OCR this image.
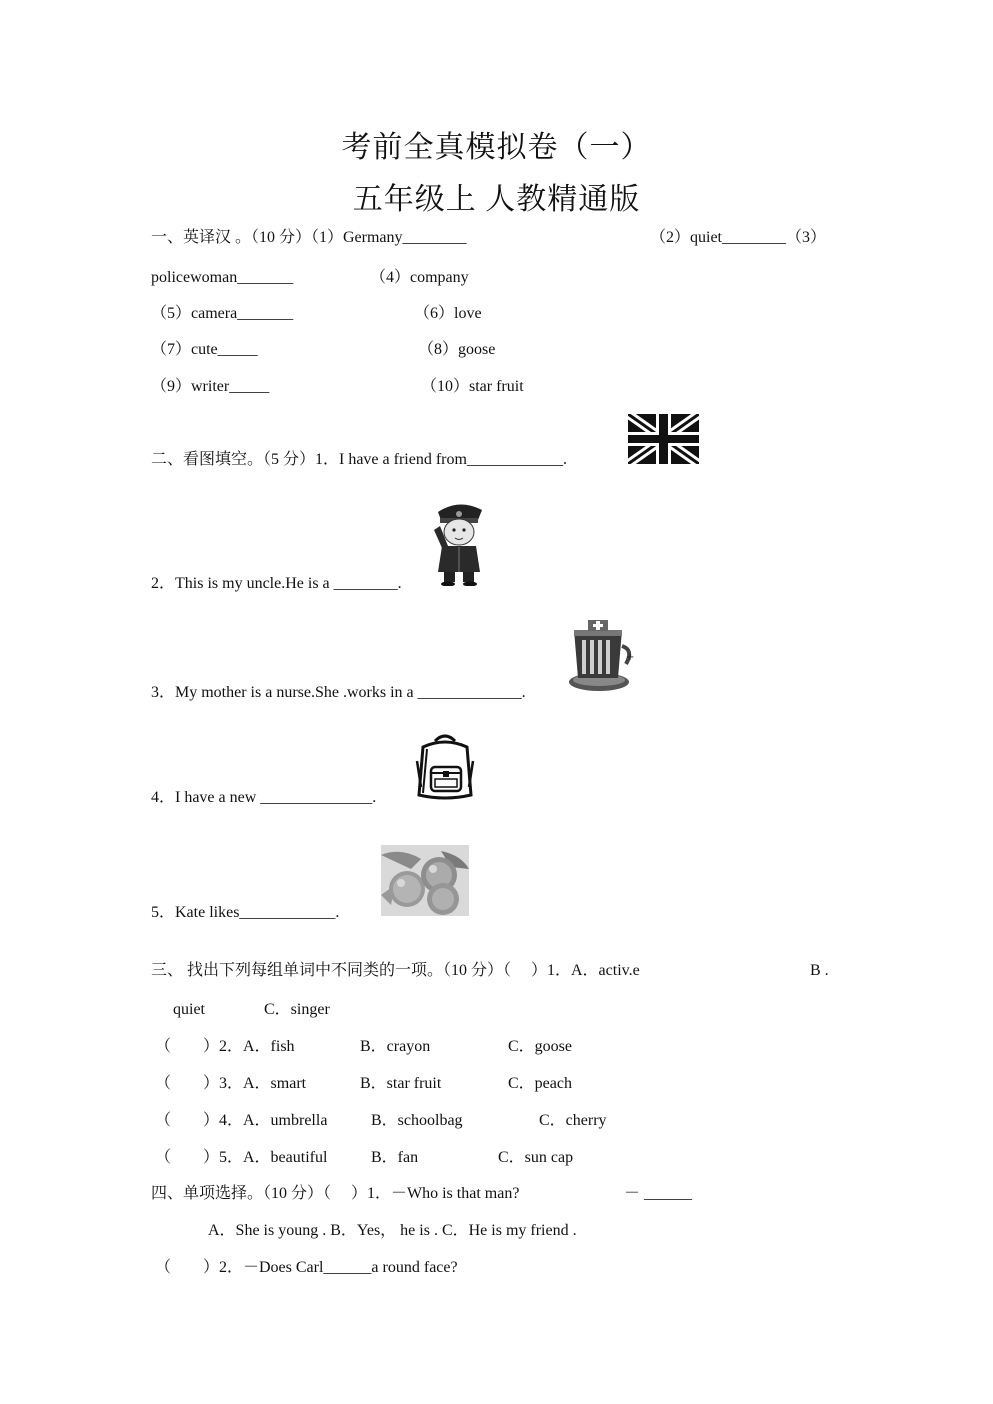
考前全真模拟卷（一）
五年级上 人教精通版
一、英译汉 。（10 分）（1）Germany________	（2）quiet________（3）
policewoman_______	（4）company
（5）camera_______	（6）love
（7）cute_____	（8）goose
（9）writer_____	（10）star fruit
二、看图填空。（5 分）1．I have a friend from____________.
2．This is my uncle.He is a ________.
3．My mother is a nurse.She .works in a _____________.
+
4．I have a new ______________.
5．Kate likes____________.
三、 找出下列每组单词中不同类的一项。（10 分）（　 ）1．A．activ.e	B .
quiet	C．singer
（　　）2．A．fish	B．crayon	C．goose
（　　）3．A．smart	B．star fruit	C．peach
（　　）4．A．umbrella	B．schoolbag	C．cherry
（　　）5．A．beautiful	B．fan	C．sun cap
四、单项选择。（10 分）（　 ）1．－Who is that man?	－ ______
A．She is young . B．Yes， he is . C．He is my friend .
（　　）2．－Does Carl______a round face?
